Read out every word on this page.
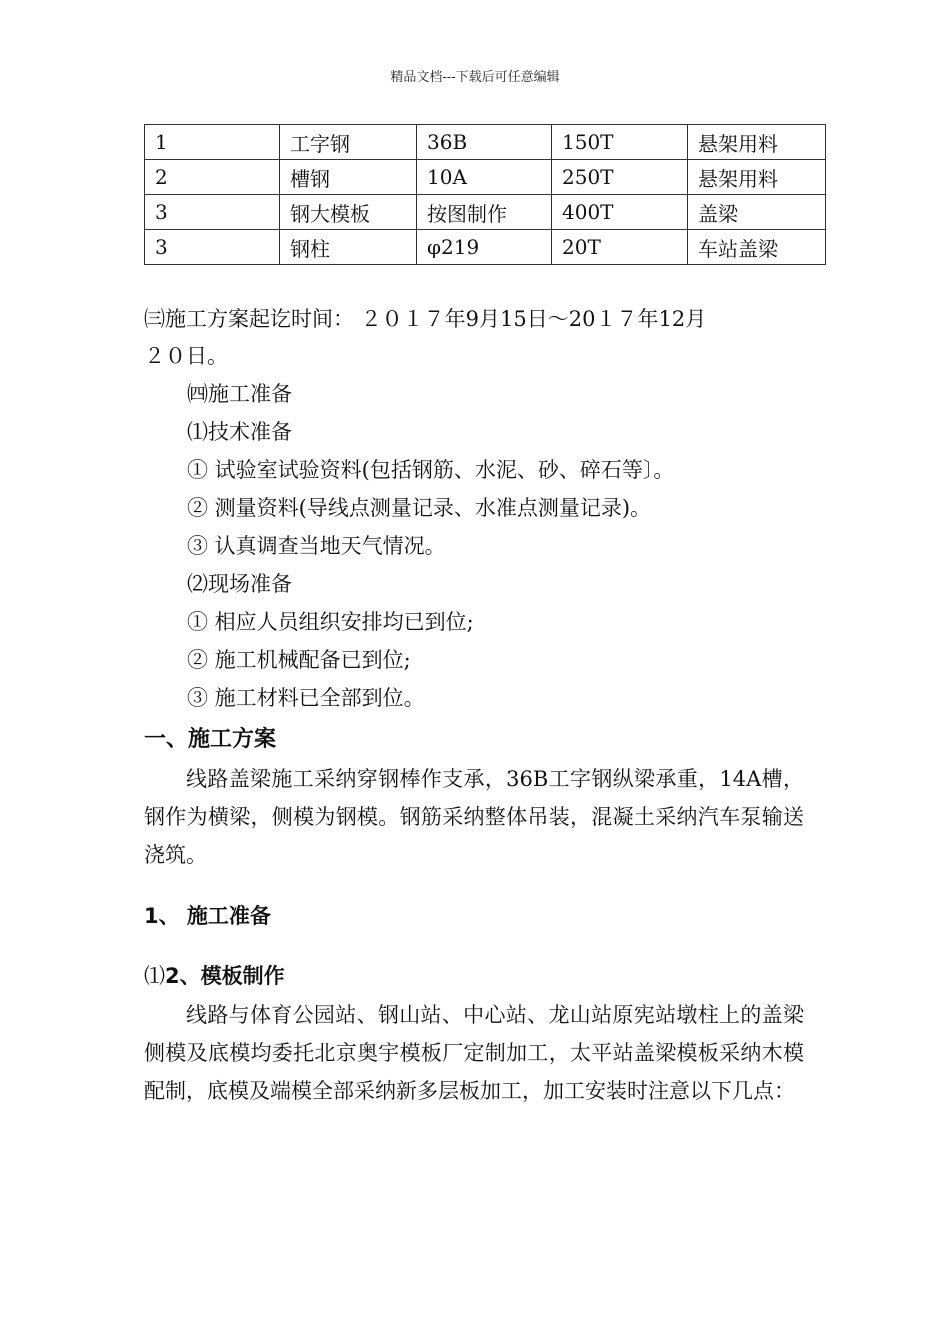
精品文档---下载后可任意编辑
1	工字钢	36B	150T	悬架用料
2	槽钢	10A	250T	悬架用料
3	钢大模板	按图制作	400T	盖梁
3	钢柱	φ219	20T	车站盖梁
㈢施工方案起讫时间： ２０１７年9月15日～20１７年12月
２０日。
㈣施工准备
⑴技术准备
① 试验室试验资料(包括钢筋、水泥、砂、碎石等〕。
② 测量资料(导线点测量记录、水准点测量记录)。
③ 认真调查当地天气情况。
⑵现场准备
① 相应人员组织安排均已到位;
② 施工机械配备已到位;
③ 施工材料已全部到位。
一、施工方案
线路盖梁施工采纳穿钢棒作支承，36B工字钢纵梁承重，14A槽，钢作为横梁，侧模为钢模。钢筋采纳整体吊装，混凝土采纳汽车泵输送浇筑。
1、 施工准备
⑴2、模板制作
线路与体育公园站、钢山站、中心站、龙山站原宪站墩柱上的盖梁侧模及底模均委托北京奥宇模板厂定制加工，太平站盖梁模板采纳木模配制，底模及端模全部采纳新多层板加工，加工安装时注意以下几点：
